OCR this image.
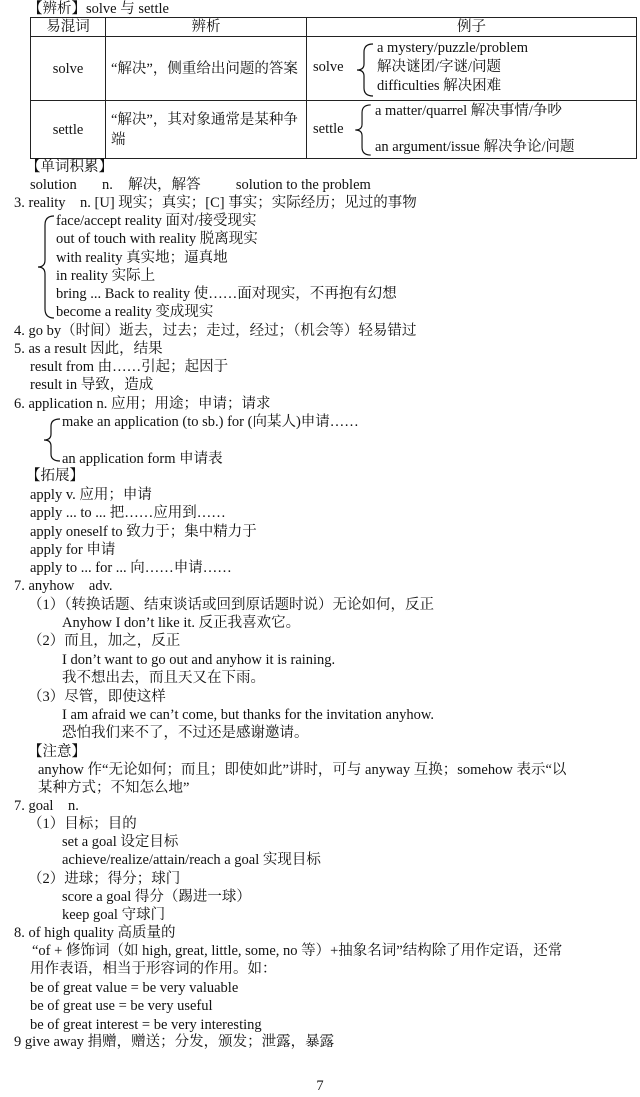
【辨析】solve 与 settle
易混词	辨析	例子
solve	“解决”，侧重给出问题的答案	solve
a mystery/puzzle/problem
解决谜团/字谜/问题
difficulties 解决困难

settle	“解决”，其对象通常是某种争端	settle
a matter/quarrel 解决事情/争吵
an argument/issue 解决争论/问题
【单词积累】
solution n. 解决，解答 solution to the problem
3. reality　n. [U] 现实；真实；[C] 事实；实际经历；见过的事物
face/accept reality 面对/接受现实
out of touch with reality 脱离现实
with reality 真实地；逼真地
in reality 实际上
bring ... Back to reality 使……面对现实，不再抱有幻想
become a reality 变成现实
4. go by（时间）逝去，过去；走过，经过；（机会等）轻易错过
5. as a result 因此，结果
result from 由……引起；起因于
result in 导致，造成
6. application n. 应用；用途；申请；请求
make an application (to sb.) for (向某人)申请……
an application form 申请表
【拓展】
apply v. 应用；申请
apply ... to ... 把……应用到……
apply oneself to 致力于；集中精力于
apply for 申请
apply to ... for ... 向……申请……
7. anyhow　adv.
（1）（转换话题、结束谈话或回到原话题时说）无论如何，反正
Anyhow I don’t like it. 反正我喜欢它。
（2）而且，加之，反正
I don’t want to go out and anyhow it is raining.
我不想出去，而且天又在下雨。
（3）尽管，即使这样
I am afraid we can’t come, but thanks for the invitation anyhow.
恐怕我们来不了，不过还是感谢邀请。
【注意】
anyhow 作“无论如何；而且；即使如此”讲时，可与 anyway 互换；somehow 表示“以
某种方式；不知怎么地”
7. goal　n.
（1）目标；目的
set a goal 设定目标
achieve/realize/attain/reach a goal 实现目标
（2）进球；得分；球门
score a goal 得分（踢进一球）
keep goal 守球门
8. of high quality 高质量的
“of + 修饰词（如 high, great, little, some, no 等）+抽象名词”结构除了用作定语，还常
用作表语，相当于形容词的作用。如：
be of great value = be very valuable
be of great use = be very useful
be of great interest = be very interesting
9 give away 捐赠，赠送；分发，颁发；泄露，暴露
7
